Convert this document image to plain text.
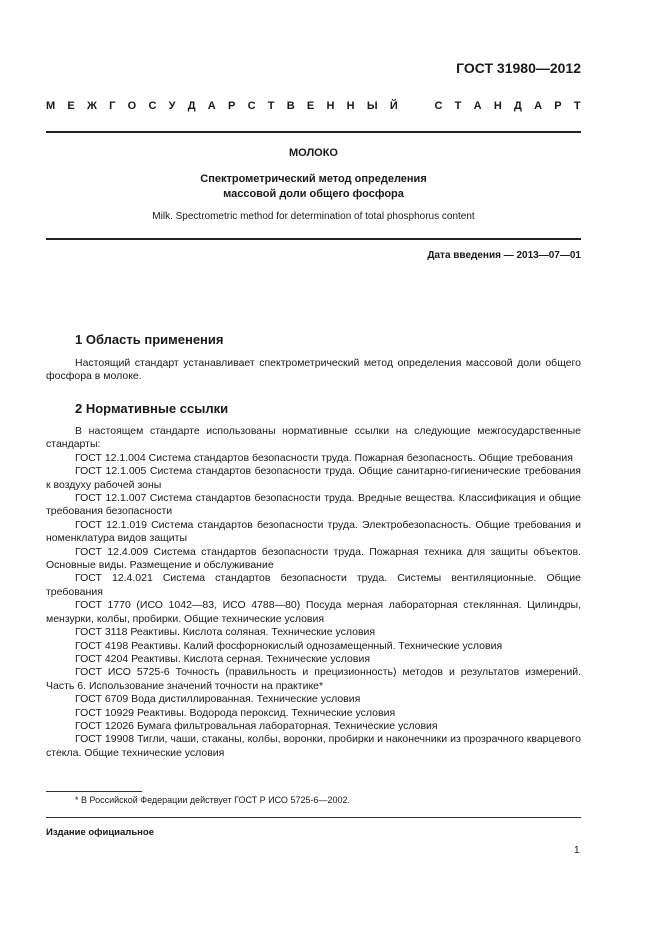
ГОСТ 31980—2012
М Е Ж Г О С У Д А Р С Т В Е Н Н Ы Й	С Т А Н Д А Р Т
МОЛОКО
Спектрометрический метод определения
массовой доли общего фосфора
Milk. Spectrometric method for determination of total phosphorus content
Дата введения — 2013—07—01
1 Область применения

Настоящий стандарт устанавливает спектрометрический метод определения массовой доли общего фосфора в молоке.

2 Нормативные ссылки

В настоящем стандарте использованы нормативные ссылки на следующие межгосударственные стандарты:

ГОСТ 12.1.004 Система стандартов безопасности труда. Пожарная безопасность. Общие требования

ГОСТ 12.1.005 Система стандартов безопасности труда. Общие санитарно-гигиенические требования к воздуху рабочей зоны

ГОСТ 12.1.007 Система стандартов безопасности труда. Вредные вещества. Классификация и общие требования безопасности

ГОСТ 12.1.019 Система стандартов безопасности труда. Электробезопасность. Общие требования и номенклатура видов защиты

ГОСТ 12.4.009 Система стандартов безопасности труда. Пожарная техника для защиты объектов. Основные виды. Размещение и обслуживание

ГОСТ 12.4.021 Система стандартов безопасности труда. Системы вентиляционные. Общие требования

ГОСТ 1770 (ИСО 1042—83, ИСО 4788—80) Посуда мерная лабораторная стеклянная. Цилиндры, мензурки, колбы, пробирки. Общие технические условия

ГОСТ 3118 Реактивы. Кислота соляная. Технические условия

ГОСТ 4198 Реактивы. Калий фосфорнокислый однозамещенный. Технические условия

ГОСТ 4204 Реактивы. Кислота серная. Технические условия

ГОСТ ИСО 5725-6 Точность (правильность и прецизионность) методов и результатов измерений. Часть 6. Использование значений точности на практике*

ГОСТ 6709 Вода дистиллированная. Технические условия

ГОСТ 10929 Реактивы. Водорода пероксид. Технические условия

ГОСТ 12026 Бумага фильтровальная лабораторная. Технические условия

ГОСТ 19908 Тигли, чаши, стаканы, колбы, воронки, пробирки и наконечники из прозрачного кварцевого стекла. Общие технические условия

* В Российской Федерации действует ГОСТ Р ИСО 5725-6—2002.
Издание официальное
1
